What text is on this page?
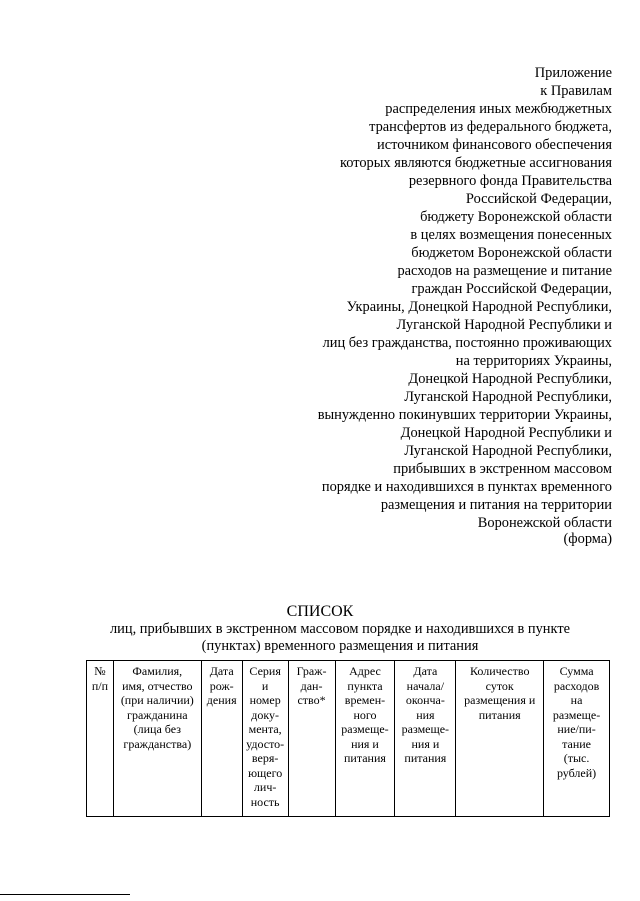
Приложение
к Правилам
распределения иных межбюджетных
трансфертов из федерального бюджета,
источником финансового обеспечения
которых являются бюджетные ассигнования
резервного фонда Правительства
Российской Федерации,
бюджету Воронежской области
в целях возмещения понесенных
бюджетом Воронежской области
расходов на размещение и питание
граждан Российской Федерации,
Украины, Донецкой Народной Республики,
Луганской Народной Республики и
лиц без гражданства, постоянно проживающих
на территориях Украины,
Донецкой Народной Республики,
Луганской Народной Республики,
вынужденно покинувших территории Украины,
Донецкой Народной Республики и
Луганской Народной Республики,
прибывших в экстренном массовом
порядке и находившихся в пунктах временного
размещения и питания на территории
Воронежской области
(форма)
СПИСОК
лиц, прибывших в экстренном массовом порядке и находившихся в пункте
(пунктах) временного размещения и питания
№
п/п

Фамилия,
имя, отчество
(при наличии)
гражданина
(лица без
гражданства)

Дата
рож-
дения

Серия
и
номер
доку-
мента,
удосто-
веря-
ющего
лич-
ность

Граж-
дан-
ство*

Адрес
пункта
времен-
ного
размеще-
ния и
питания

Дата
начала/
оконча-
ния
размеще-
ния и
питания

Количество
суток
размещения и
питания

Сумма
расходов
на
размеще-
ние/пи-
тание
(тыс.
рублей)
